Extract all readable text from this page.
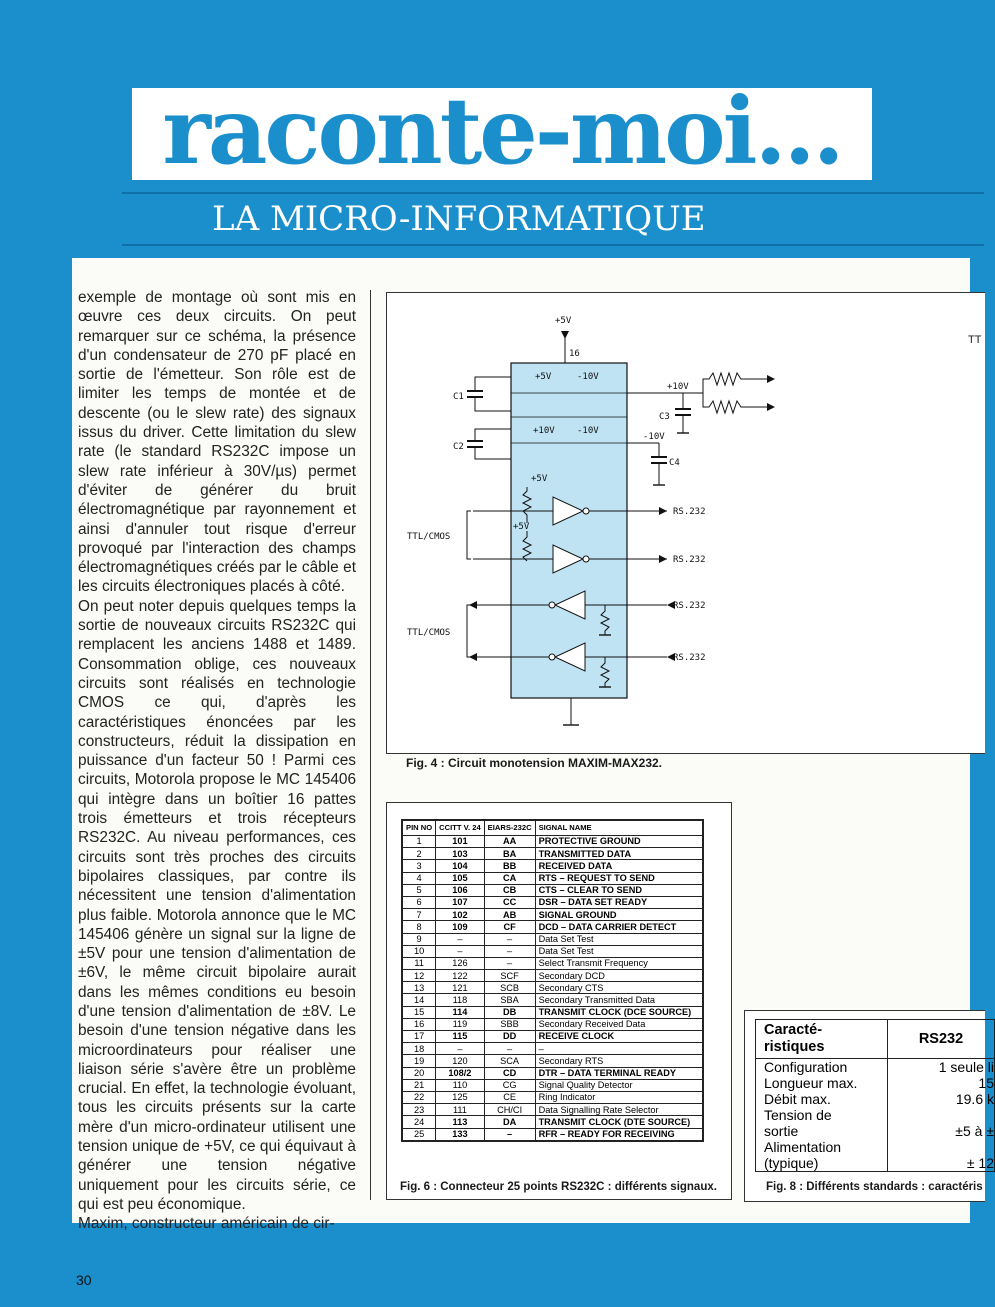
raconte-moi...
LA MICRO-INFORMATIQUE

exemple de montage où sont mis en œuvre ces deux circuits. On peut remarquer sur ce schéma, la présence d'un condensateur de 270 pF placé en sortie de l'émetteur. Son rôle est de limiter les temps de montée et de descente (ou le slew rate) des signaux issus du driver. Cette limitation du slew rate (le standard RS232C impose un slew rate inférieur à 30V/µs) permet d'éviter de générer du bruit électromagnétique par rayonnement et ainsi d'annuler tout risque d'erreur provoqué par l'interaction des champs électromagnétiques créés par le câble et les circuits électroniques placés à côté.

On peut noter depuis quelques temps la sortie de nouveaux circuits RS232C qui remplacent les anciens 1488 et 1489. Consommation oblige, ces nouveaux circuits sont réalisés en technologie CMOS ce qui, d'après les caractéristiques énoncées par les constructeurs, réduit la dissipation en puissance d'un facteur 50 ! Parmi ces circuits, Motorola propose le MC 145406 qui intègre dans un boîtier 16 pattes trois émetteurs et trois récepteurs RS232C. Au niveau performances, ces circuits sont très proches des circuits bipolaires classiques, par contre ils nécessitent une tension d'alimentation plus faible. Motorola annonce que le MC 145406 génère un signal sur la ligne de ±5V pour une tension d'alimentation de ±6V, le même circuit bipolaire aurait dans les mêmes conditions eu besoin d'une tension d'alimentation de ±8V. Le besoin d'une tension négative dans les microordinateurs pour réaliser une liaison série s'avère être un problème crucial. En effet, la technologie évoluant, tous les circuits présents sur la carte mère d'un micro-ordinateur utilisent une tension unique de +5V, ce qui équivaut à générer une tension négative uniquement pour les circuits série, ce qui est peu économique.

Maxim, constructeur américain de cir-

+5V
16
+5V	-10V
+10V -10V
C1
C2
+10V
C3
-10V
C4
+5V
RS.232
+5V
RS.232
TTL/CMOS
RS.232
RS.232
TTL/CMOS
Fig. 4 : Circuit monotension MAXIM-MAX232.
PIN NO	CCITT V. 24	EIARS-232C	SIGNAL NAME
1	101	AA	PROTECTIVE GROUND
2	103	BA	TRANSMITTED DATA
3	104	BB	RECEIVED DATA
4	105	CA	RTS – REQUEST TO SEND
5	106	CB	CTS – CLEAR TO SEND
6	107	CC	DSR – DATA SET READY
7	102	AB	SIGNAL GROUND
8	109	CF	DCD – DATA CARRIER DETECT
9	–	–	Data Set Test
10	–	–	Data Set Test
11	126	–	Select Transmit Frequency
12	122	SCF	Secondary DCD
13	121	SCB	Secondary CTS
14	118	SBA	Secondary Transmitted Data
15	114	DB	TRANSMIT CLOCK (DCE SOURCE)
16	119	SBB	Secondary Received Data
17	115	DD	RECEIVE CLOCK
18	–	–	–
19	120	SCA	Secondary RTS
20	108/2	CD	DTR – DATA TERMINAL READY
21	110	CG	Signal Quality Detector
22	125	CE	Ring Indicator
23	111	CH/CI	Data Signalling Rate Selector
24	113	DA	TRANSMIT CLOCK (DTE SOURCE)
25	133	–	RFR – READY FOR RECEIVING
Fig. 6 : Connecteur 25 points RS232C : différents signaux.
Caracté-
ristiques	RS232
Configuration	1 seule li
Longueur max.	15
Débit max.	19.6 k
Tension de
sortie	±5 à ±
Alimentation
(typique)	± 12
Fig. 8 : Différents standards : caractéris
TT
30
